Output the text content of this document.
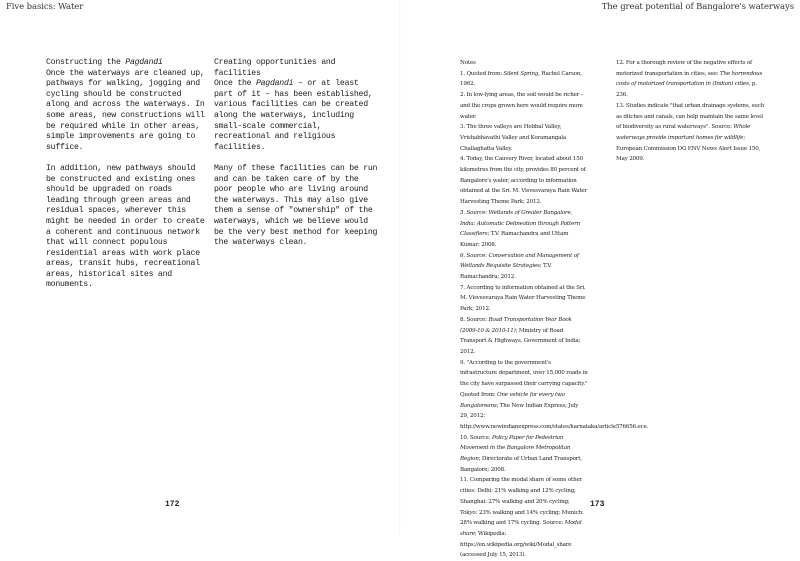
Five basics: Water

Constructing the Pagdandi
Once the waterways are cleaned up, pathways for walking, jogging and cycling should be constructed along and across the waterways. In some areas, new constructions will be required while in other areas, simple improvements are going to suffice.

In addition, new pathways should be constructed and existing ones should be upgraded on roads leading through green areas and residual spaces, wherever this might be needed in order to create a coherent and continuous network that will connect populous residential areas with work place areas, transit hubs, recreational areas, historical sites and monuments.

Creating opportunities and facilities
Once the Pagdandi – or at least part of it – has been established, various facilities can be created along the waterways, including small-scale commercial, recreational and religious facilities.

Many of these facilities can be run and can be taken care of by the poor people who are living around the waterways. This may also give them a sense of "ownership" of the waterways, which we believe would be the very best method for keeping the waterways clean.

172
The great potential of Bangalore's waterways
173

Notes

1. Quoted from: Silent Spring, Rachel Carson, 1962.

2. In low-lying areas, the soil would be richer – and the crops grown here would require more water.

3. The three valleys are Hebbal Valley, Vrishabhavathi Valley and Koramangala Challaghatta Valley.

4. Today, the Cauvery River, located about 150 kilometres from the city, provides 80 percent of Bangalore's water, according to information obtained at the Sri. M. Visvesvaraya Rain Water Harvesting Theme Park; 2012.

5. Source: Wetlands of Greater Bangalore, India: Automatic Delineation through Pattern Classifiers; T.V. Ramachandra and Uttam Kumar; 2008.

6. Source: Conservation and Management of Wetlands Requisite Strategies; T.V. Ramachandra; 2012.

7. According to information obtained at the Sri. M. Visvesvaraya Rain Water Harvesting Theme Park; 2012.

8. Source: Road Transportation Year Book (2009-10 & 2010-11); Ministry of Road Transport & Highways, Government of India; 2012.

9. "According to the government's infrastructure department, over 15,000 roads in the city have surpassed their carrying capacity." Quoted from: One vehicle for every two Bangaloreans; The New Indian Express; July 29, 2012: http://www.newindianexpress.com/states/karnataka/article576656.ece.

10. Source: Policy Paper for Pedestrian Movement in the Bangalore Metropolitan Region; Directorate of Urban Land Transport, Bangalore; 2008.

11. Comparing the modal share of some other cities: Delhi: 21% walking and 12% cycling; Shanghai: 27% walking and 20% cycling; Tokyo: 23% walking and 14% cycling; Munich: 28% walking and 17% cycling. Source: Modal share; Wikipedia: https://en.wikipedia.org/wiki/Modal_share (accessed July 15, 2013).

12. For a thorough review of the negative effects of motorized transportation in cities, see: The horrendous costs of motorized transportation in (Indian) cities, p. 236.

13. Studies indicate "that urban drainage systems, such as ditches and canals, can help maintain the same level of biodiversity as rural waterways". Source: Whole waterways provide important homes for wildlife; European Commission DG ENV News Alert Issue 150, May 2009.
